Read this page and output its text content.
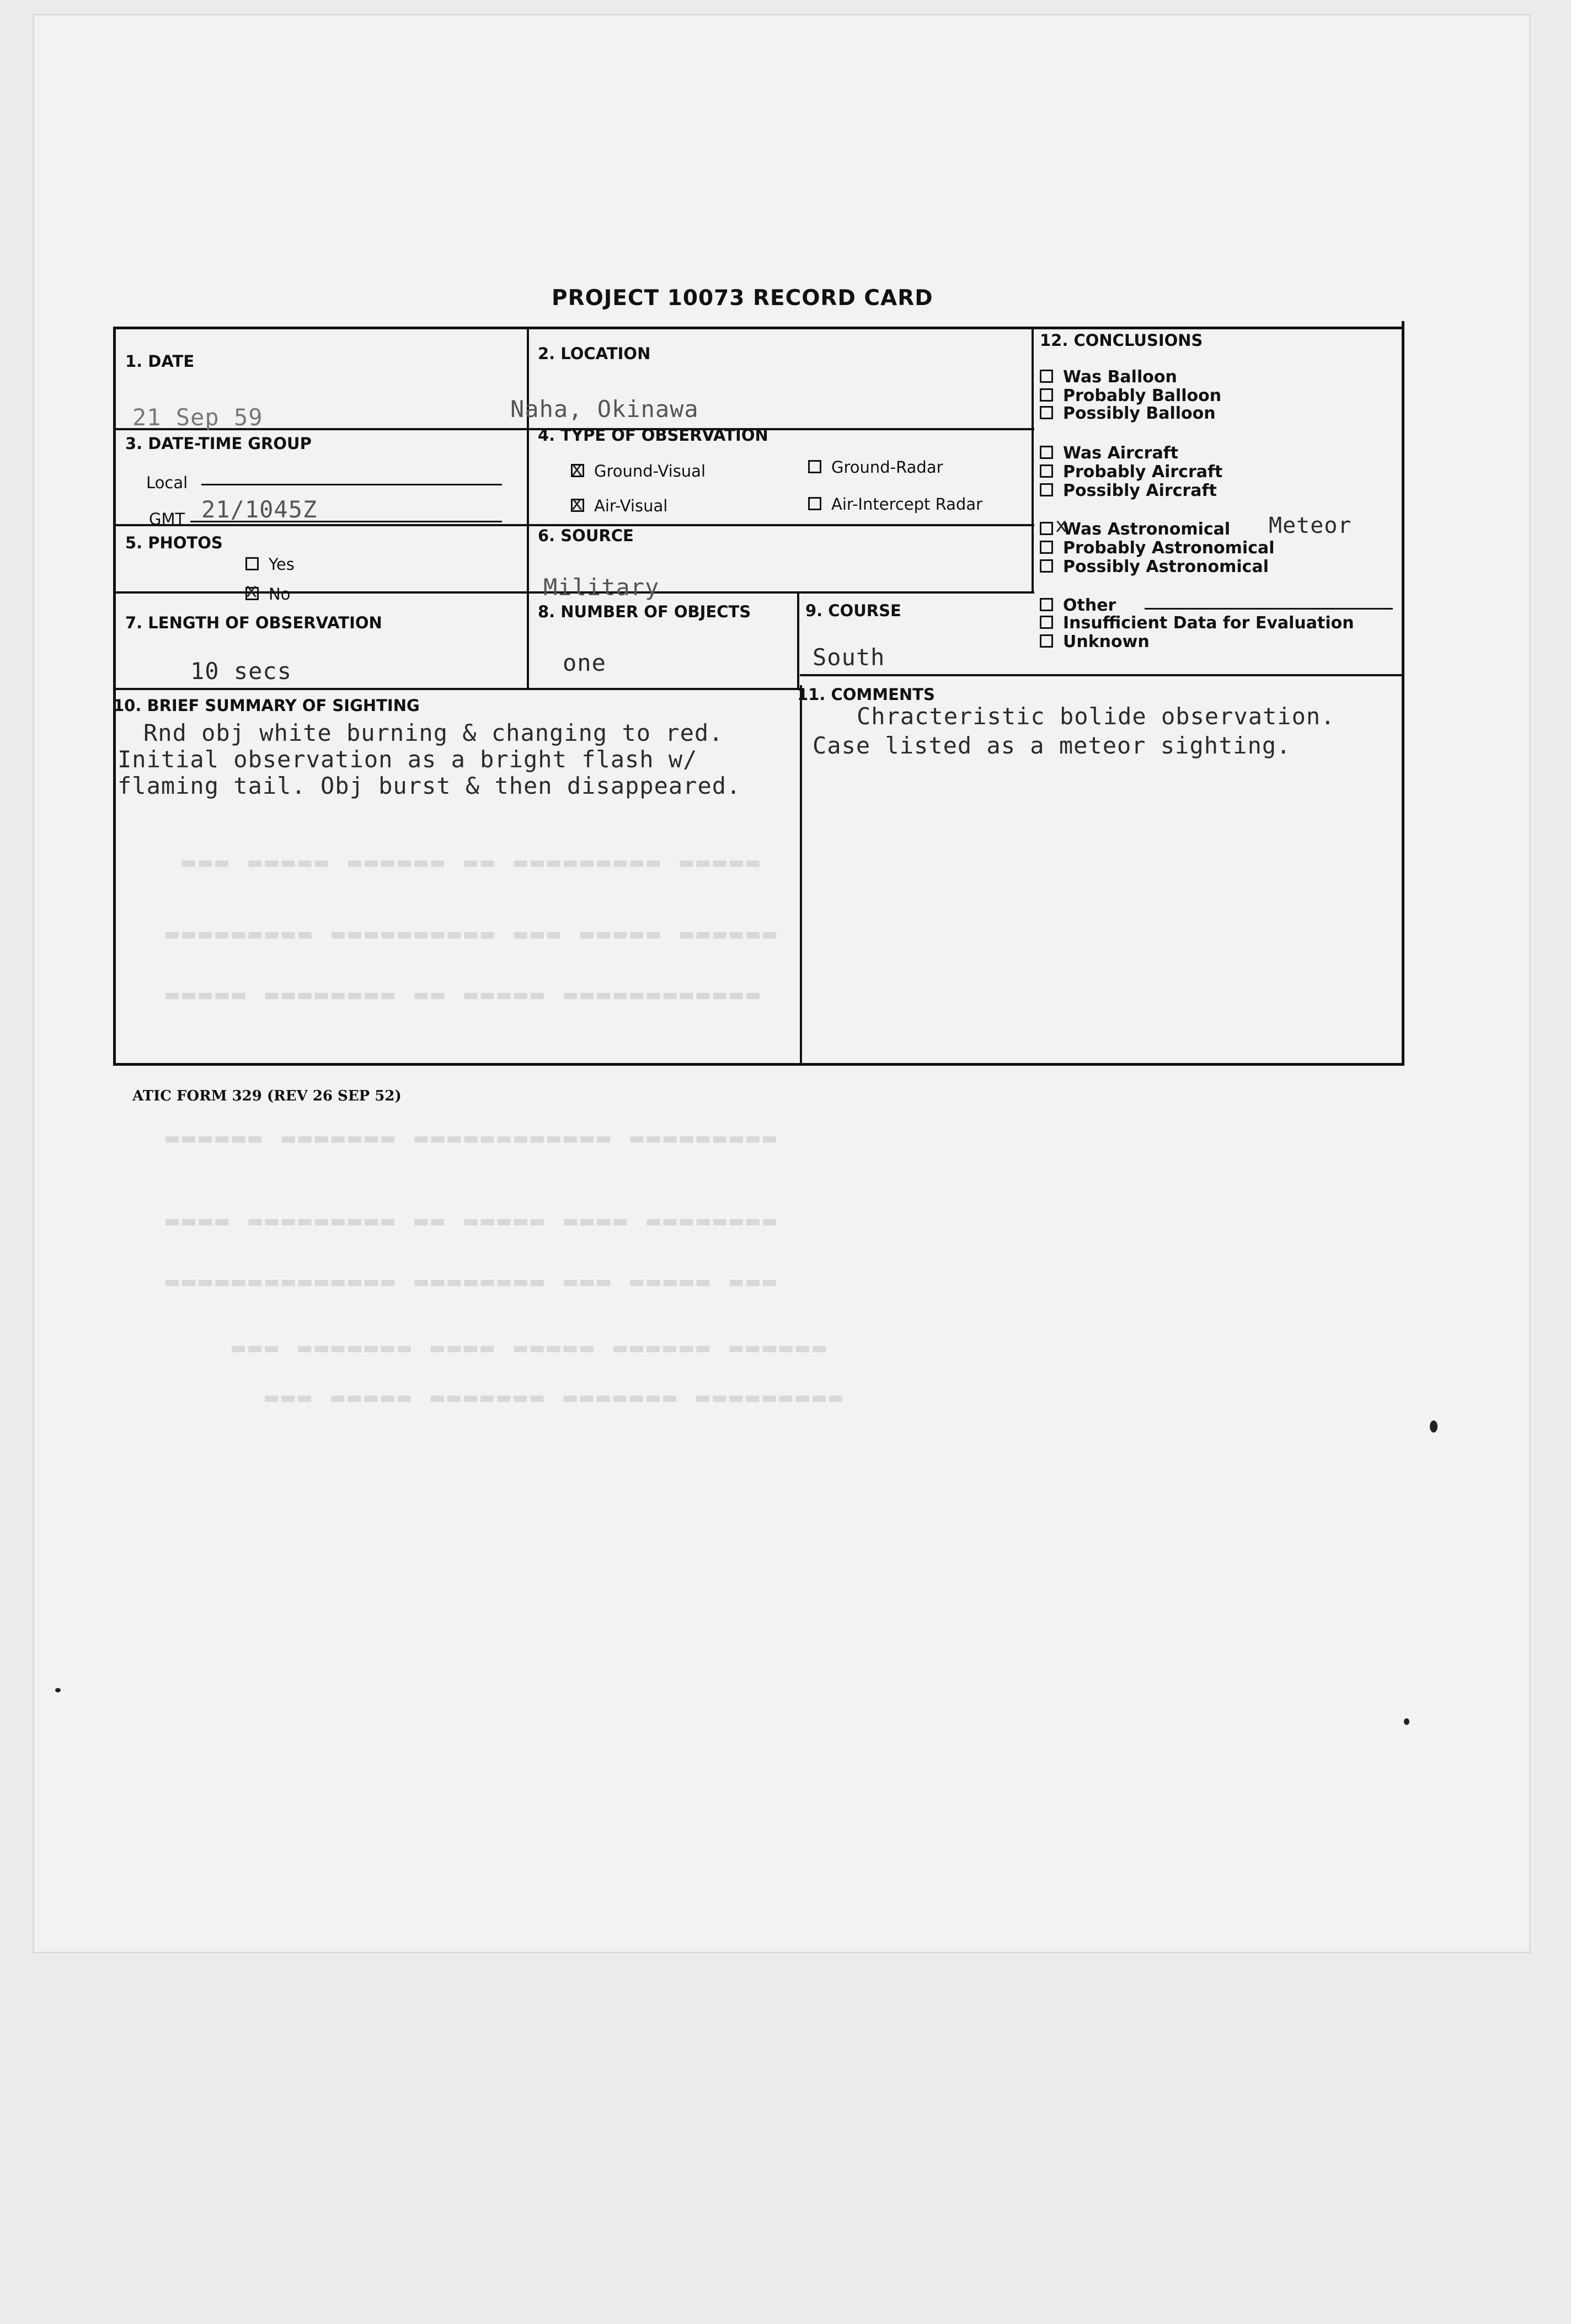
▬▬▬ ▬▬▬▬▬ ▬▬▬▬▬▬ ▬▬ ▬▬▬▬▬▬▬▬▬ ▬▬▬▬▬
▬▬▬▬▬▬▬▬▬ ▬▬▬▬▬▬▬▬▬▬ ▬▬▬ ▬▬▬▬▬ ▬▬▬▬▬▬
▬▬▬▬▬ ▬▬▬▬▬▬▬▬ ▬▬ ▬▬▬▬▬ ▬▬▬▬▬▬▬▬▬▬▬▬
▬▬▬▬▬▬ ▬▬▬▬▬▬▬ ▬▬▬▬▬▬▬▬▬▬▬▬ ▬▬▬▬▬▬▬▬▬
▬▬▬▬ ▬▬▬▬▬▬▬▬▬ ▬▬ ▬▬▬▬▬ ▬▬▬▬ ▬▬▬▬▬▬▬▬
▬▬▬▬▬▬▬▬▬▬▬▬▬▬ ▬▬▬▬▬▬▬▬ ▬▬▬ ▬▬▬▬▬ ▬▬▬
▬▬▬ ▬▬▬▬▬▬▬ ▬▬▬▬ ▬▬▬▬▬ ▬▬▬▬▬▬ ▬▬▬▬▬▬
▬▬▬ ▬▬▬▬▬ ▬▬▬▬▬▬▬ ▬▬▬▬▬▬▬ ▬▬▬▬▬▬▬▬▬
PROJECT 10073 RECORD CARD
1. DATE
21 Sep 59
2. LOCATION
Naha, Okinawa
3. DATE-TIME GROUP
Local
GMT 21/1045Z
4. TYPE OF OBSERVATION
Ground-Visual
x	Ground-Radar
Air-Visual
x	Air-Intercept Radar
5. PHOTOS
Yes
No
x
6. SOURCE
Military
7. LENGTH OF OBSERVATION
10 secs
8. NUMBER OF OBJECTS
one
9. COURSE
South
10. BRIEF SUMMARY OF SIGHTING
Rnd obj white burning & changing to red.
Initial observation as a bright flash w/
flaming tail. Obj burst & then disappeared.
11. COMMENTS
Chracteristic bolide observation.
Case listed as a meteor sighting.
12. CONCLUSIONS
Was Balloon
Probably Balloon
Possibly Balloon
Was Aircraft
Probably Aircraft
Possibly Aircraft
Was Astronomical
x	Meteor
Probably Astronomical
Possibly Astronomical
Other
Insufficient Data for Evaluation
Unknown
ATIC FORM 329 (REV 26 SEP 52)
